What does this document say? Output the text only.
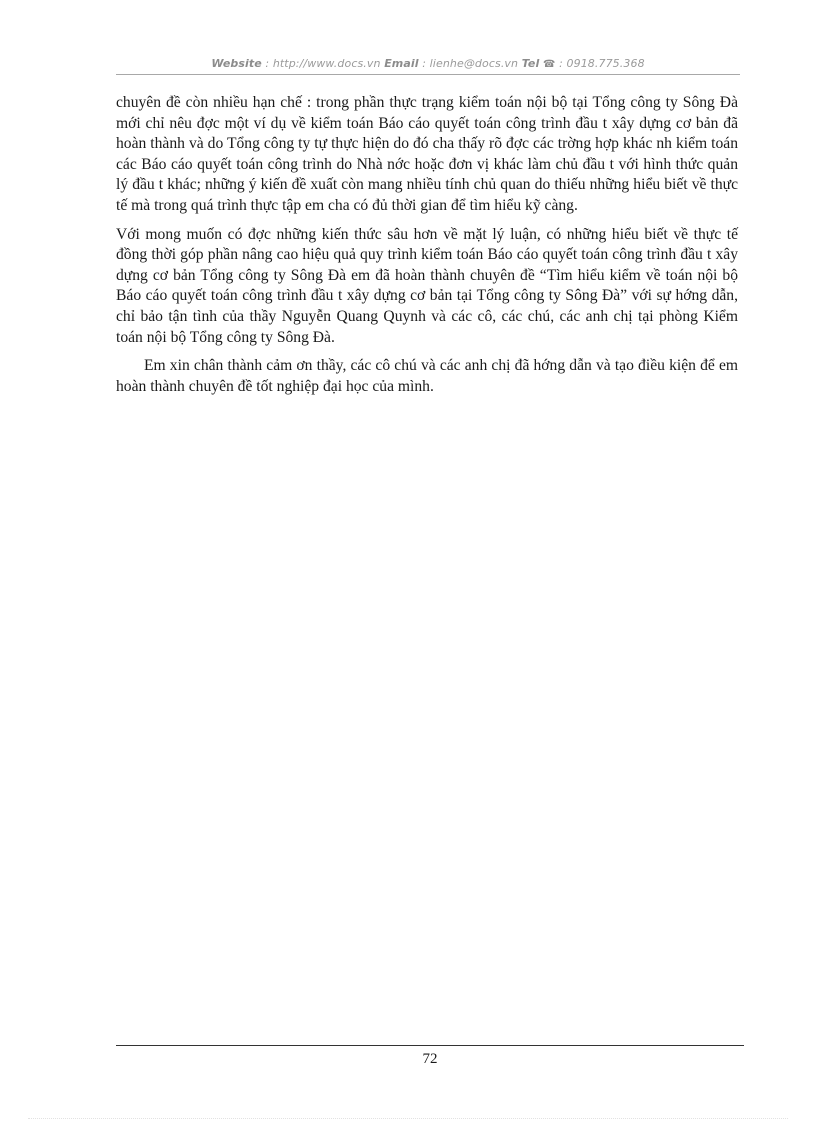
Website : http://www.docs.vn Email : lienhe@docs.vn Tel ☎ : 0918.775.368

chuyên đề còn nhiều hạn chế : trong phần thực trạng kiểm toán nội bộ tại Tổng công ty Sông Đà mới chỉ nêu đợc một ví dụ về kiểm toán Báo cáo quyết toán công trình đầu t xây dựng cơ bản đã hoàn thành và do Tổng công ty tự thực hiện do đó cha thấy rõ đợc các trờng hợp khác nh kiểm toán các Báo cáo quyết toán công trình do Nhà nớc hoặc đơn vị khác làm chủ đầu t với hình thức quản lý đầu t khác; những ý kiến đề xuất còn mang nhiều tính chủ quan do thiếu những hiểu biết về thực tế mà trong quá trình thực tập em cha có đủ thời gian để tìm hiểu kỹ càng.

Với mong muốn có đợc những kiến thức sâu hơn về mặt lý luận, có những hiểu biết về thực tế đồng thời góp phần nâng cao hiệu quả quy trình kiểm toán Báo cáo quyết toán công trình đầu t xây dựng cơ bản Tổng công ty Sông Đà em đã hoàn thành chuyên đề “Tìm hiểu kiểm về toán nội bộ Báo cáo quyết toán công trình đầu t xây dựng cơ bản tại Tổng công ty Sông Đà” với sự hớng dẫn, chỉ bảo tận tình của thầy Nguyễn Quang Quynh và các cô, các chú, các anh chị tại phòng Kiểm toán nội bộ Tổng công ty Sông Đà.

Em xin chân thành cảm ơn thầy, các cô chú và các anh chị đã hớng dẫn và tạo điều kiện để em hoàn thành chuyên đề tốt nghiệp đại học của mình.

72
